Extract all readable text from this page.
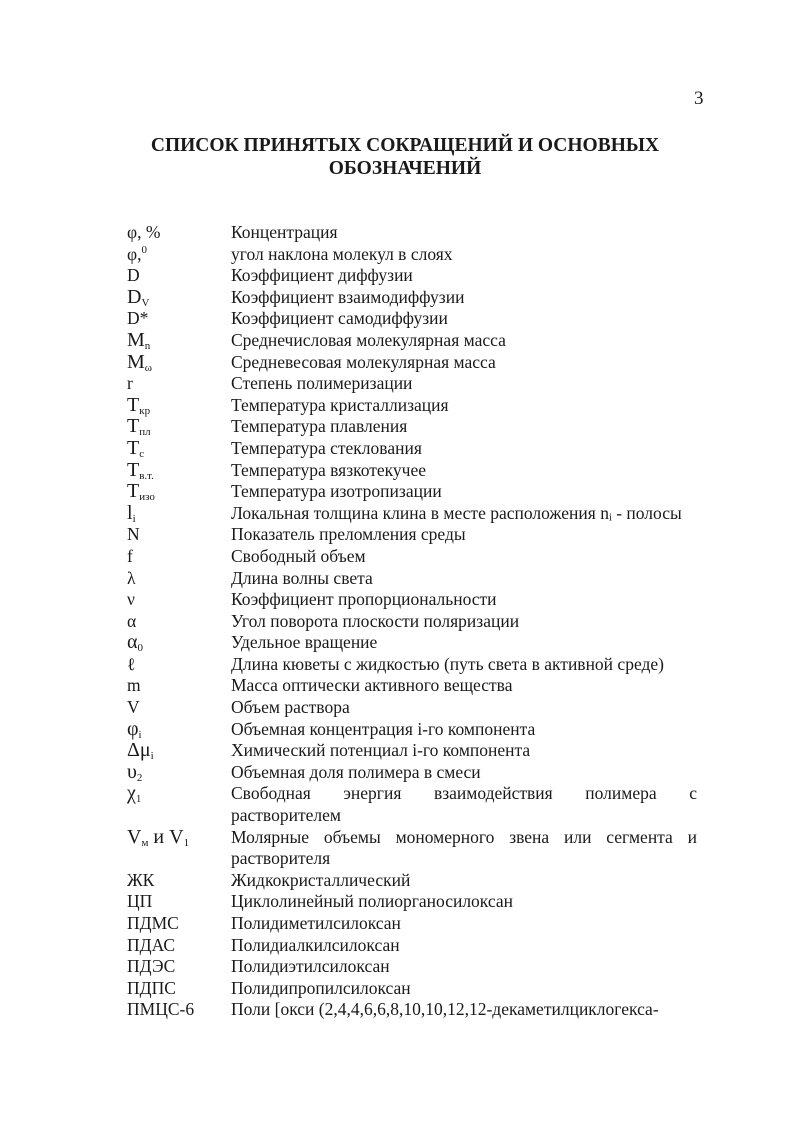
3
СПИСОК ПРИНЯТЫХ СОКРАЩЕНИЙ И ОСНОВНЫХ
ОБОЗНАЧЕНИЙ
φ, %	Концентрация
φ,$^0$	угол наклона молекул в слоях
D	Коэффициент диффузии
$D_V$	Коэффициент взаимодиффузии
D*	Коэффициент самодиффузии
$M_n$	Среднечисловая молекулярная масса
$M_\omega$	Средневесовая молекулярная масса
r	Степень полимеризации
$T_{кр}$	Температура кристаллизация
$T_{пл}$	Температура плавления
$T_с$	Температура стеклования
$T_{в.т.}$	Температура вязкотекучее
$T_{изо}$	Температура изотропизации
$l_i$	Локальная толщина клина в месте расположения nᵢ - полосы
N	Показатель преломления среды
f	Свободный объем
λ	Длина волны света
ν	Коэффициент пропорциональности
α	Угол поворота плоскости поляризации
$\alpha_0$	Удельное вращение
ℓ	Длина кюветы с жидкостью (путь света в активной среде)
m	Масса оптически активного вещества
V	Объем раствора
$\varphi_i$	Объемная концентрация i-го компонента
$\Delta\mu_i$	Химический потенциал i-го компонента
$\upsilon_2$	Объемная доля полимера в смеси
$\chi_1$	Свободная энергия взаимодействия полимера с растворителем
$V_м$ и $V_1$	Молярные объемы мономерного звена или сегмента и растворителя
ЖК	Жидкокристаллический
ЦП	Циклолинейный полиорганосилоксан
ПДМС	Полидиметилсилоксан
ПДАС	Полидиалкилсилоксан
ПДЭС	Полидиэтилсилоксан
ПДПС	Полидипропилсилоксан
ПМЦС-6	Поли [окси (2,4,4,6,6,8,10,10,12,12-декаметилциклогекса-
